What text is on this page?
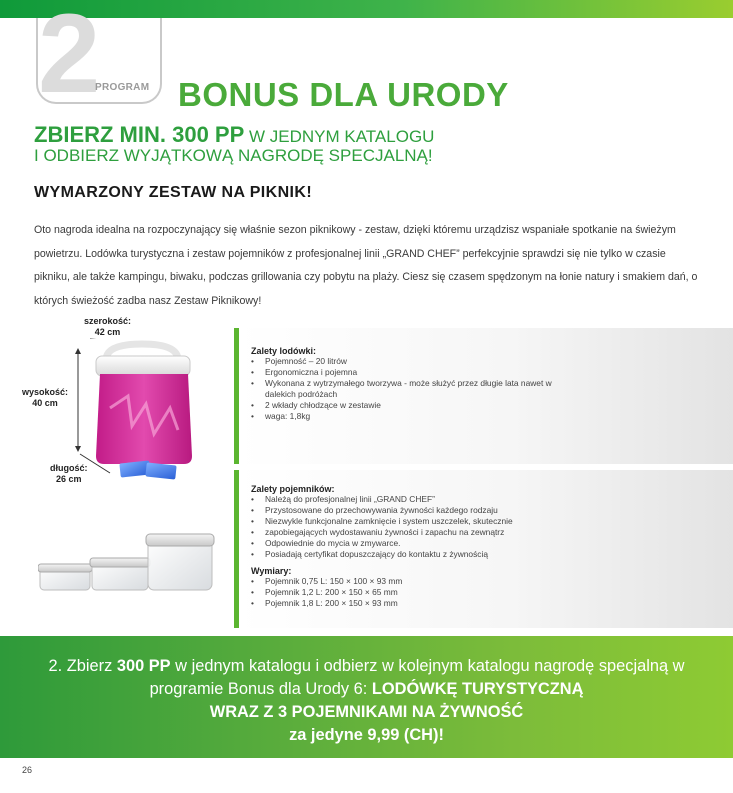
2
PROGRAM BONUS DLA URODY
ZBIERZ MIN. 300 PP W JEDNYM KATALOGU
I ODBIERZ WYJĄTKOWĄ NAGRODĘ SPECJALNĄ!
WYMARZONY ZESTAW NA PIKNIK!

Oto nagroda idealna na rozpoczynający się właśnie sezon piknikowy - zestaw, dzięki któremu urządzisz wspaniałe spotkanie na świeżym powietrzu. Lodówka turystyczna i zestaw pojemników z profesjonalnej linii „GRAND CHEF” perfekcyjnie sprawdzi się nie tylko w czasie pikniku, ale także kampingu, biwaku, podczas grillowania czy pobytu na plaży. Ciesz się czasem spędzonym na łonie natury i smakiem dań, o których świeżość zadba nasz Zestaw Piknikowy!

szerokość:
42 cm
wysokość:
40 cm
długość:
26 cm
Zalety lodówki:
• Pojemność – 20 litrów
• Ergonomiczna i pojemna
• Wykonana z wytrzymałego tworzywa - może służyć przez długie lata nawet w
dalekich podróżach
• 2 wkłady chłodzące w zestawie
• waga: 1,8kg
Zalety pojemników:
• Należą do profesjonalnej linii „GRAND CHEF”
• Przystosowane do przechowywania żywności każdego rodzaju
• Niezwykle funkcjonalne zamknięcie i system uszczelek, skutecznie
• zapobiegających wydostawaniu żywności i zapachu na zewnątrz
• Odpowiednie do mycia w zmywarce.
• Posiadają certyfikat dopuszczający do kontaktu z żywnością
Wymiary:
• Pojemnik 0,75 L: 150 × 100 × 93 mm
• Pojemnik 1,2 L: 200 × 150 × 65 mm
• Pojemnik 1,8 L: 200 × 150 × 93 mm
2. Zbierz 300 PP w jednym katalogu i odbierz w kolejnym katalogu nagrodę specjalną w programie Bonus dla Urody 6: LODÓWKĘ TURYSTYCZNĄ
WRAZ Z 3 POJEMNIKAMI NA ŻYWNOŚĆ
za jedyne 9,99 (CH)!
26
